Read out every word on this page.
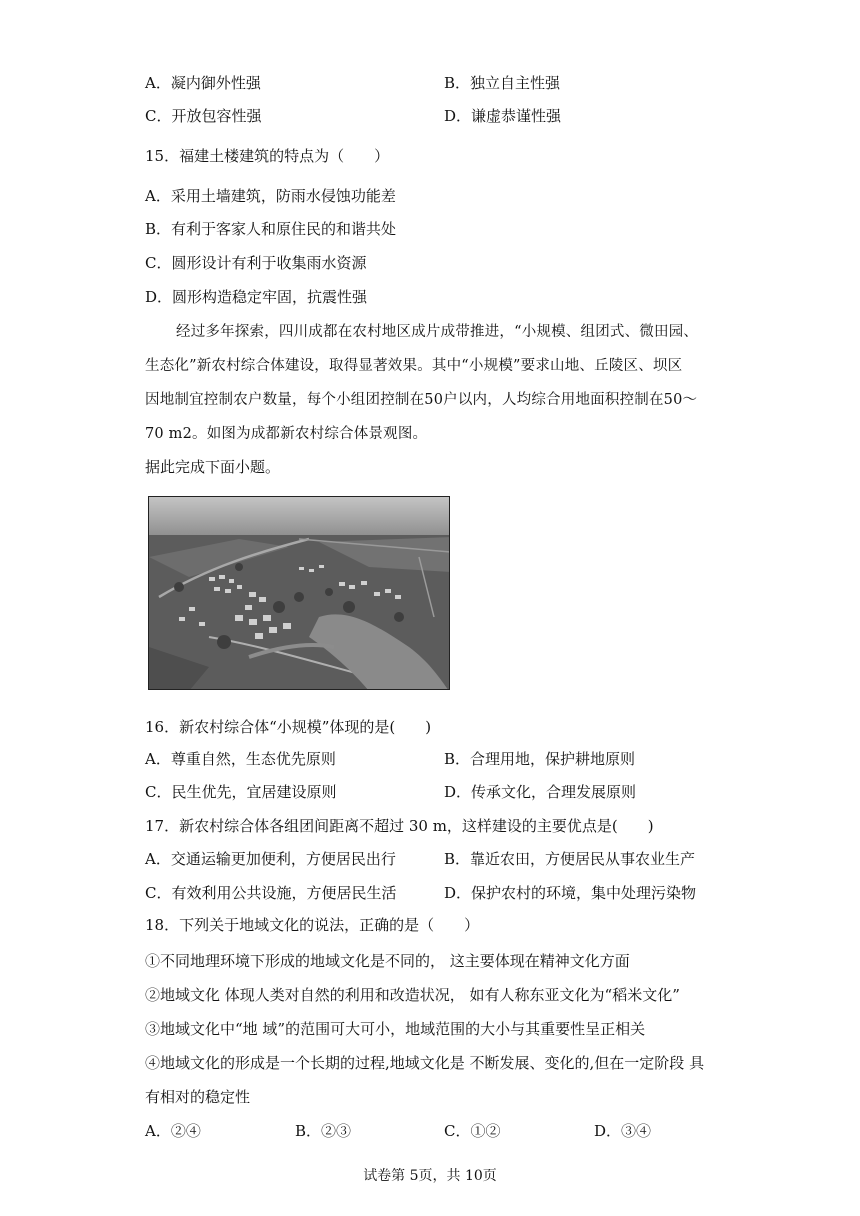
A．凝内御外性强	B．独立自主性强
C．开放包容性强	D．谦虚恭谨性强
15．福建土楼建筑的特点为（　　）
A．采用土墙建筑，防雨水侵蚀功能差
B．有利于客家人和原住民的和谐共处
C．圆形设计有利于收集雨水资源
D．圆形构造稳定牢固，抗震性强
经过多年探索，四川成都在农村地区成片成带推进，“小规模、组团式、微田园、
生态化”新农村综合体建设，取得显著效果。其中“小规模”要求山地、丘陵区、坝区
因地制宜控制农户数量，每个小组团控制在50户以内，人均综合用地面积控制在50～
70 m2。如图为成都新农村综合体景观图。
据此完成下面小题。
16．新农村综合体“小规模”体现的是(　　)
A．尊重自然，生态优先原则	B．合理用地，保护耕地原则
C．民生优先，宜居建设原则	D．传承文化，合理发展原则
17．新农村综合体各组团间距离不超过 30 m，这样建设的主要优点是(　　)
A．交通运输更加便利，方便居民出行	B．靠近农田，方便居民从事农业生产
C．有效利用公共设施，方便居民生活	D．保护农村的环境，集中处理污染物
18．下列关于地域文化的说法，正确的是（　　）
①不同地理环境下形成的地域文化是不同的， 这主要体现在精神文化方面
②地域文化 体现人类对自然的利用和改造状况， 如有人称东亚文化为“稻米文化”
③地域文化中“地 域”的范围可大可小，地域范围的大小与其重要性呈正相关
④地域文化的形成是一个长期的过程,地域文化是 不断发展、变化的,但在一定阶段 具
有相对的稳定性
A．②④	B．②③	C．①②	D．③④
试卷第 5页，共 10页
